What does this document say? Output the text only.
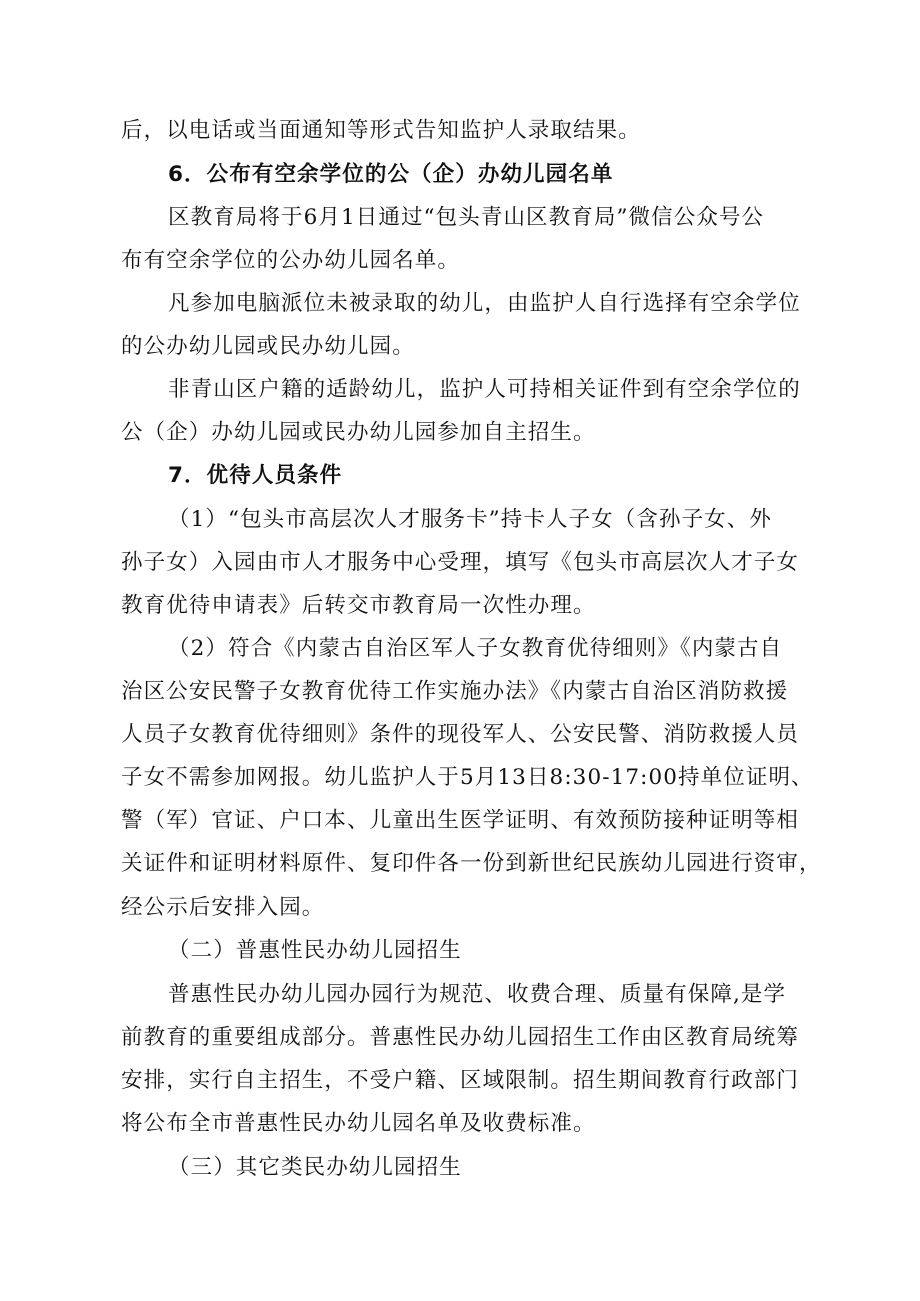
后，以电话或当面通知等形式告知监护人录取结果。
6．公布有空余学位的公（企）办幼儿园名单
区教育局将于6月1日通过“包头青山区教育局”微信公众号公
布有空余学位的公办幼儿园名单。
凡参加电脑派位未被录取的幼儿，由监护人自行选择有空余学位
的公办幼儿园或民办幼儿园。
非青山区户籍的适龄幼儿，监护人可持相关证件到有空余学位的
公（企）办幼儿园或民办幼儿园参加自主招生。
7．优待人员条件
（1）“包头市高层次人才服务卡”持卡人子女（含孙子女、外
孙子女）入园由市人才服务中心受理，填写《包头市高层次人才子女
教育优待申请表》后转交市教育局一次性办理。
（2）符合《内蒙古自治区军人子女教育优待细则》《内蒙古自
治区公安民警子女教育优待工作实施办法》《内蒙古自治区消防救援
人员子女教育优待细则》条件的现役军人、公安民警、消防救援人员
子女不需参加网报。幼儿监护人于5月13日8:30-17:00持单位证明、
警（军）官证、户口本、儿童出生医学证明、有效预防接种证明等相
关证件和证明材料原件、复印件各一份到新世纪民族幼儿园进行资审，
经公示后安排入园。
（二）普惠性民办幼儿园招生
普惠性民办幼儿园办园行为规范、收费合理、质量有保障,是学
前教育的重要组成部分。普惠性民办幼儿园招生工作由区教育局统筹
安排，实行自主招生，不受户籍、区域限制。招生期间教育行政部门
将公布全市普惠性民办幼儿园名单及收费标准。
（三）其它类民办幼儿园招生
